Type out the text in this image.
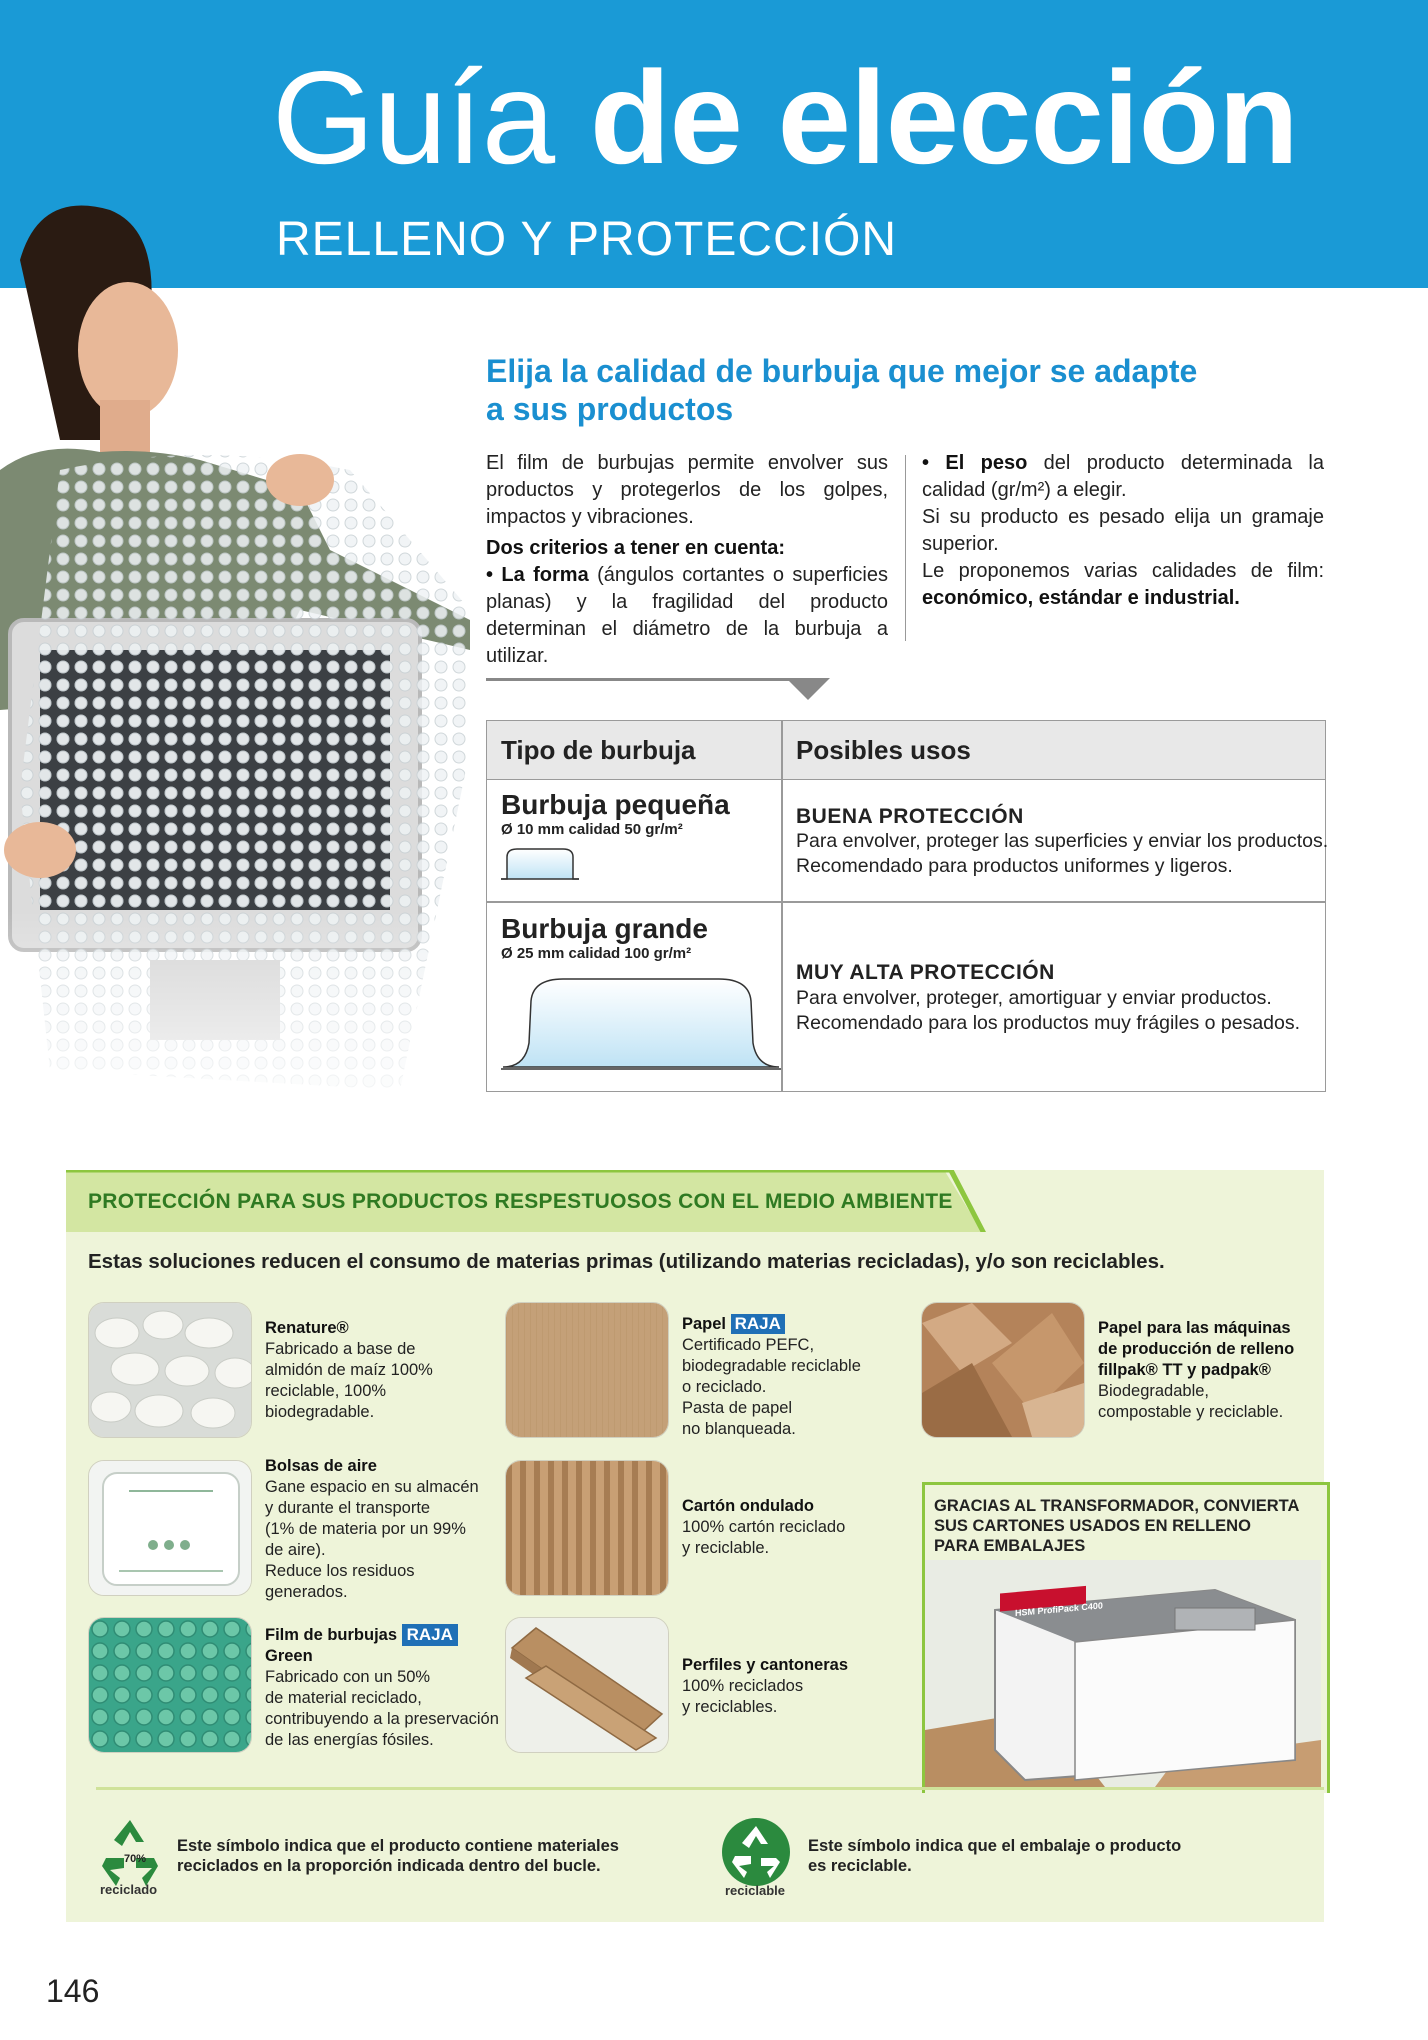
Guía de elección
RELLENO Y PROTECCIÓN
Elija la calidad de burbuja que mejor se adapte
a sus productos

El film de burbujas permite envolver sus productos y protegerlos de los golpes, impactos y vibraciones.

Dos criterios a tener en cuenta:

• La forma (ángulos cortantes o superficies planas) y la fragilidad del producto determinan el diámetro de la burbuja a utilizar.

• El peso del producto determinada la calidad (gr/m²) a elegir.

Si su producto es pesado elija un gramaje superior.

Le proponemos varias calidades de film: económico, estándar e industrial.

Tipo de burbuja	Posibles usos
Burbuja pequeña
Ø 10 mm calidad 50 gr/m²
BUENA PROTECCIÓN
Para envolver, proteger las superficies y enviar los productos.
Recomendado para productos uniformes y ligeros.
Burbuja grande
Ø 25 mm calidad 100 gr/m²
MUY ALTA PROTECCIÓN
Para envolver, proteger, amortiguar y enviar productos.
Recomendado para los productos muy frágiles o pesados.
PROTECCIÓN PARA SUS PRODUCTOS RESPESTUOSOS CON EL MEDIO AMBIENTE
Estas soluciones reducen el consumo de materias primas (utilizando materias recicladas), y/o son reciclables.
Renature®
Fabricado a base de
almidón de maíz 100%
reciclable, 100%
biodegradable.
Bolsas de aire
Gane espacio en su almacén
y durante el transporte
(1% de materia por un 99%
de aire).
Reduce los residuos
generados.
Film de burbujas RAJA
Green
Fabricado con un 50%
de material reciclado,
contribuyendo a la preservación
de las energías fósiles.
Papel RAJA
Certificado PEFC,
biodegradable reciclable
o reciclado.
Pasta de papel
no blanqueada.
Cartón ondulado
100% cartón reciclado
y reciclable.
Perfiles y cantoneras
100% reciclados
y reciclables.
Papel para las máquinas
de producción de relleno
fillpak® TT y padpak®
Biodegradable,
compostable y reciclable.
GRACIAS AL TRANSFORMADOR, CONVIERTA
SUS CARTONES USADOS EN RELLENO
PARA EMBALAJES
HSM ProfiPack C400
70%
reciclado
Este símbolo indica que el producto contiene materiales
reciclados en la proporción indicada dentro del bucle.
reciclable
Este símbolo indica que el embalaje o producto
es reciclable.
146
